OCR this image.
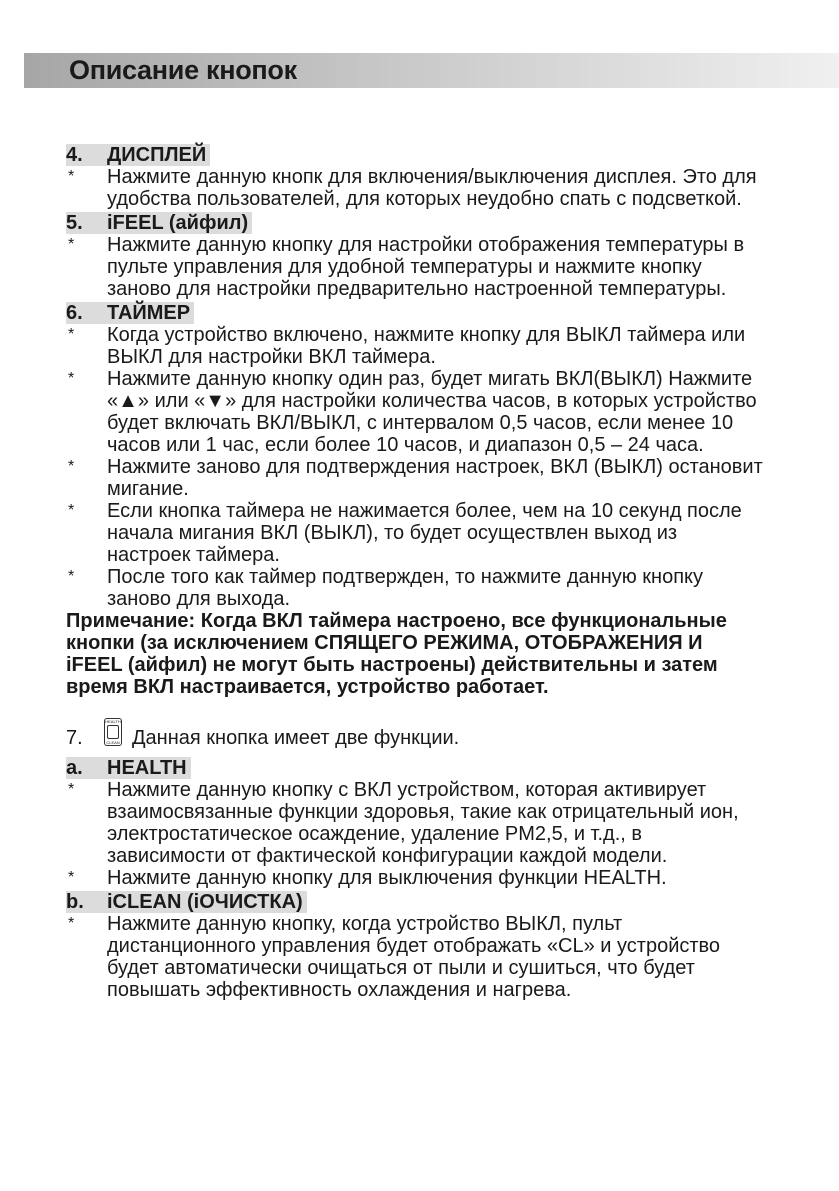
Описание кнопок
4. ДИСПЛЕЙ
* Нажмите данную кнопк для включения/выключения дисплея. Это для
удобства пользователей, для которых неудобно спать с подсветкой.
5. iFEEL (айфил)
* Нажмите данную кнопку для настройки отображения температуры в
пульте управления для удобной температуры и нажмите кнопку
заново для настройки предварительно настроенной температуры.
6. ТАЙМЕР
* Когда устройство включено, нажмите кнопку для ВЫКЛ таймера или
ВЫКЛ для настройки ВКЛ таймера.
* Нажмите данную кнопку один раз, будет мигать ВКЛ(ВЫКЛ) Нажмите
«▲» или «▼» для настройки количества часов, в которых устройство
будет включать ВКЛ/ВЫКЛ, с интервалом 0,5 часов, если менее 10
часов или 1 час, если более 10 часов, и диапазон 0,5 – 24 часа.
* Нажмите заново для подтверждения настроек, ВКЛ (ВЫКЛ) остановит
мигание.
* Если кнопка таймера не нажимается более, чем на 10 секунд после
начала мигания ВКЛ (ВЫКЛ), то будет осуществлен выход из
настроек таймера.
* После того как таймер подтвержден, то нажмите данную кнопку
заново для выхода.
Примечание: Когда ВКЛ таймера настроено, все функциональные
кнопки (за исключением СПЯЩЕГО РЕЖИМА, ОТОБРАЖЕНИЯ И
iFEEL (айфил) не могут быть настроены) действительны и затем
время ВКЛ настраивается, устройство работает.
7.
HEALTH
CLEAN Данная кнопка имеет две функции.
a. HEALTH
* Нажмите данную кнопку с ВКЛ устройством, которая активирует
взаимосвязанные функции здоровья, такие как отрицательный ион,
электростатическое осаждение, удаление PM2,5, и т.д., в
зависимости от фактической конфигурации каждой модели.
* Нажмите данную кнопку для выключения функции HEALTH.
b. iCLEAN (iОЧИСТКА)
* Нажмите данную кнопку, когда устройство ВЫКЛ, пульт
дистанционного управления будет отображать «CL» и устройство
будет автоматически очищаться от пыли и сушиться, что будет
повышать эффективность охлаждения и нагрева.
